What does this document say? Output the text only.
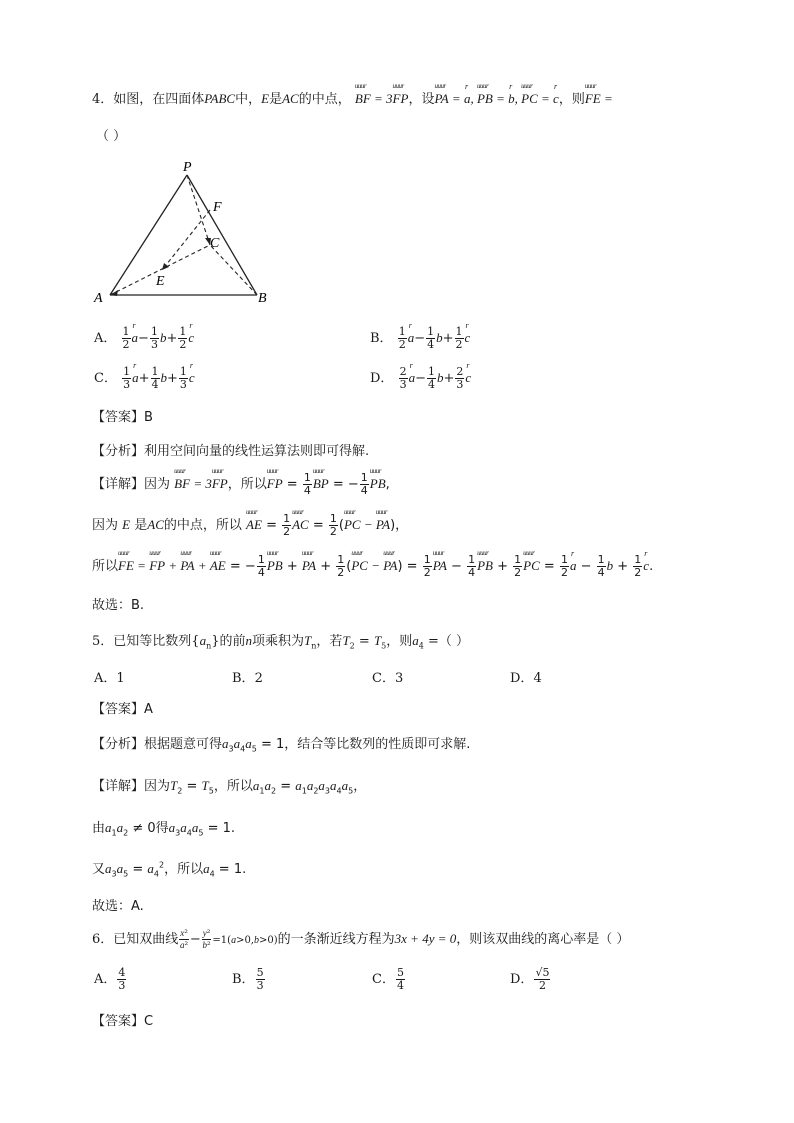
4．如图，在四面体PABC中，E是AC的中点， uuur BF = 3uuur FP，设uuur PA = r a, uuur PB = r b, uuur PC = r c，则uuur FE =
（ ）
P
F
C
E
A	B
A． $\frac{1}{2}$ r $a- \frac{1}{3} b+ \frac{1}{2}$ r c	B． $\frac{1}{2}$ r $a- \frac{1}{4} b+ \frac{1}{2}$ r c
C． $\frac{1}{3}$ r $a+ \frac{1}{4} b+ \frac{1}{3}$ r c	D． $\frac{2}{3}$ r $a- \frac{1}{4} b+ \frac{2}{3}$ r c
【答案】B
【分析】利用空间向量的线性运算法则即可得解.
【详解】因为 uuur BF = 3uuur FP，所以uuur FP = $\frac{1}{4}$ uuur BP = − $\frac{1}{4}$ uuur PB,
因为 E 是AC的中点，所以 uuur AE = $\frac{1}{2}$ uuur AC = $\frac{1}{2}$ (uuur PC − uuur PA)，
所以uuur FE = uuur FP + uuur PA + uuur AE = − $\frac{1}{4}$ uuur PB + uuur PA + $\frac{1}{2}$ (uuur PC − uuur $PA) = \frac{1}{2}$ uuur PA − $\frac{1}{4}$ uuur PB + $\frac{1}{2}$ uuur PC = $\frac{1}{2}$ r $a - \frac{1}{4}$ $b + \frac{1}{2}$ r c.
故选：B.
5．已知等比数列$\{a_n\}$的前n项乘积为$T_n$，若$T_2 = T_5$，则$a_4$ =（ ）
A．1	B．2	C．3	D．4
【答案】A
【分析】根据题意可得$a_3a_4a_5 = 1$，结合等比数列的性质即可求解.
【详解】因为$T_2 = T_5$，所以$a_1a_2 = a_1a_2a_3a_4a_5$，
由$a_1a_2 \ne 0$得$a_3a_4a_5 = 1$.
又$a_3a_5 = a_4^2$，所以$a_4 = 1$.
故选：A.
6．已知双曲线 $\frac{\text{x²}}{\text{a²}} - \frac{\text{y²}}{\text{b²}} =1(a>0,b>0)$的一条渐近线方程为3x + 4y = 0，则该双曲线的离心率是（ ）
A． $\frac{4}{3}$	B． $\frac{5}{3}$	C． $\frac{5}{4}$	D． $\frac{√5}{2}$
【答案】C
